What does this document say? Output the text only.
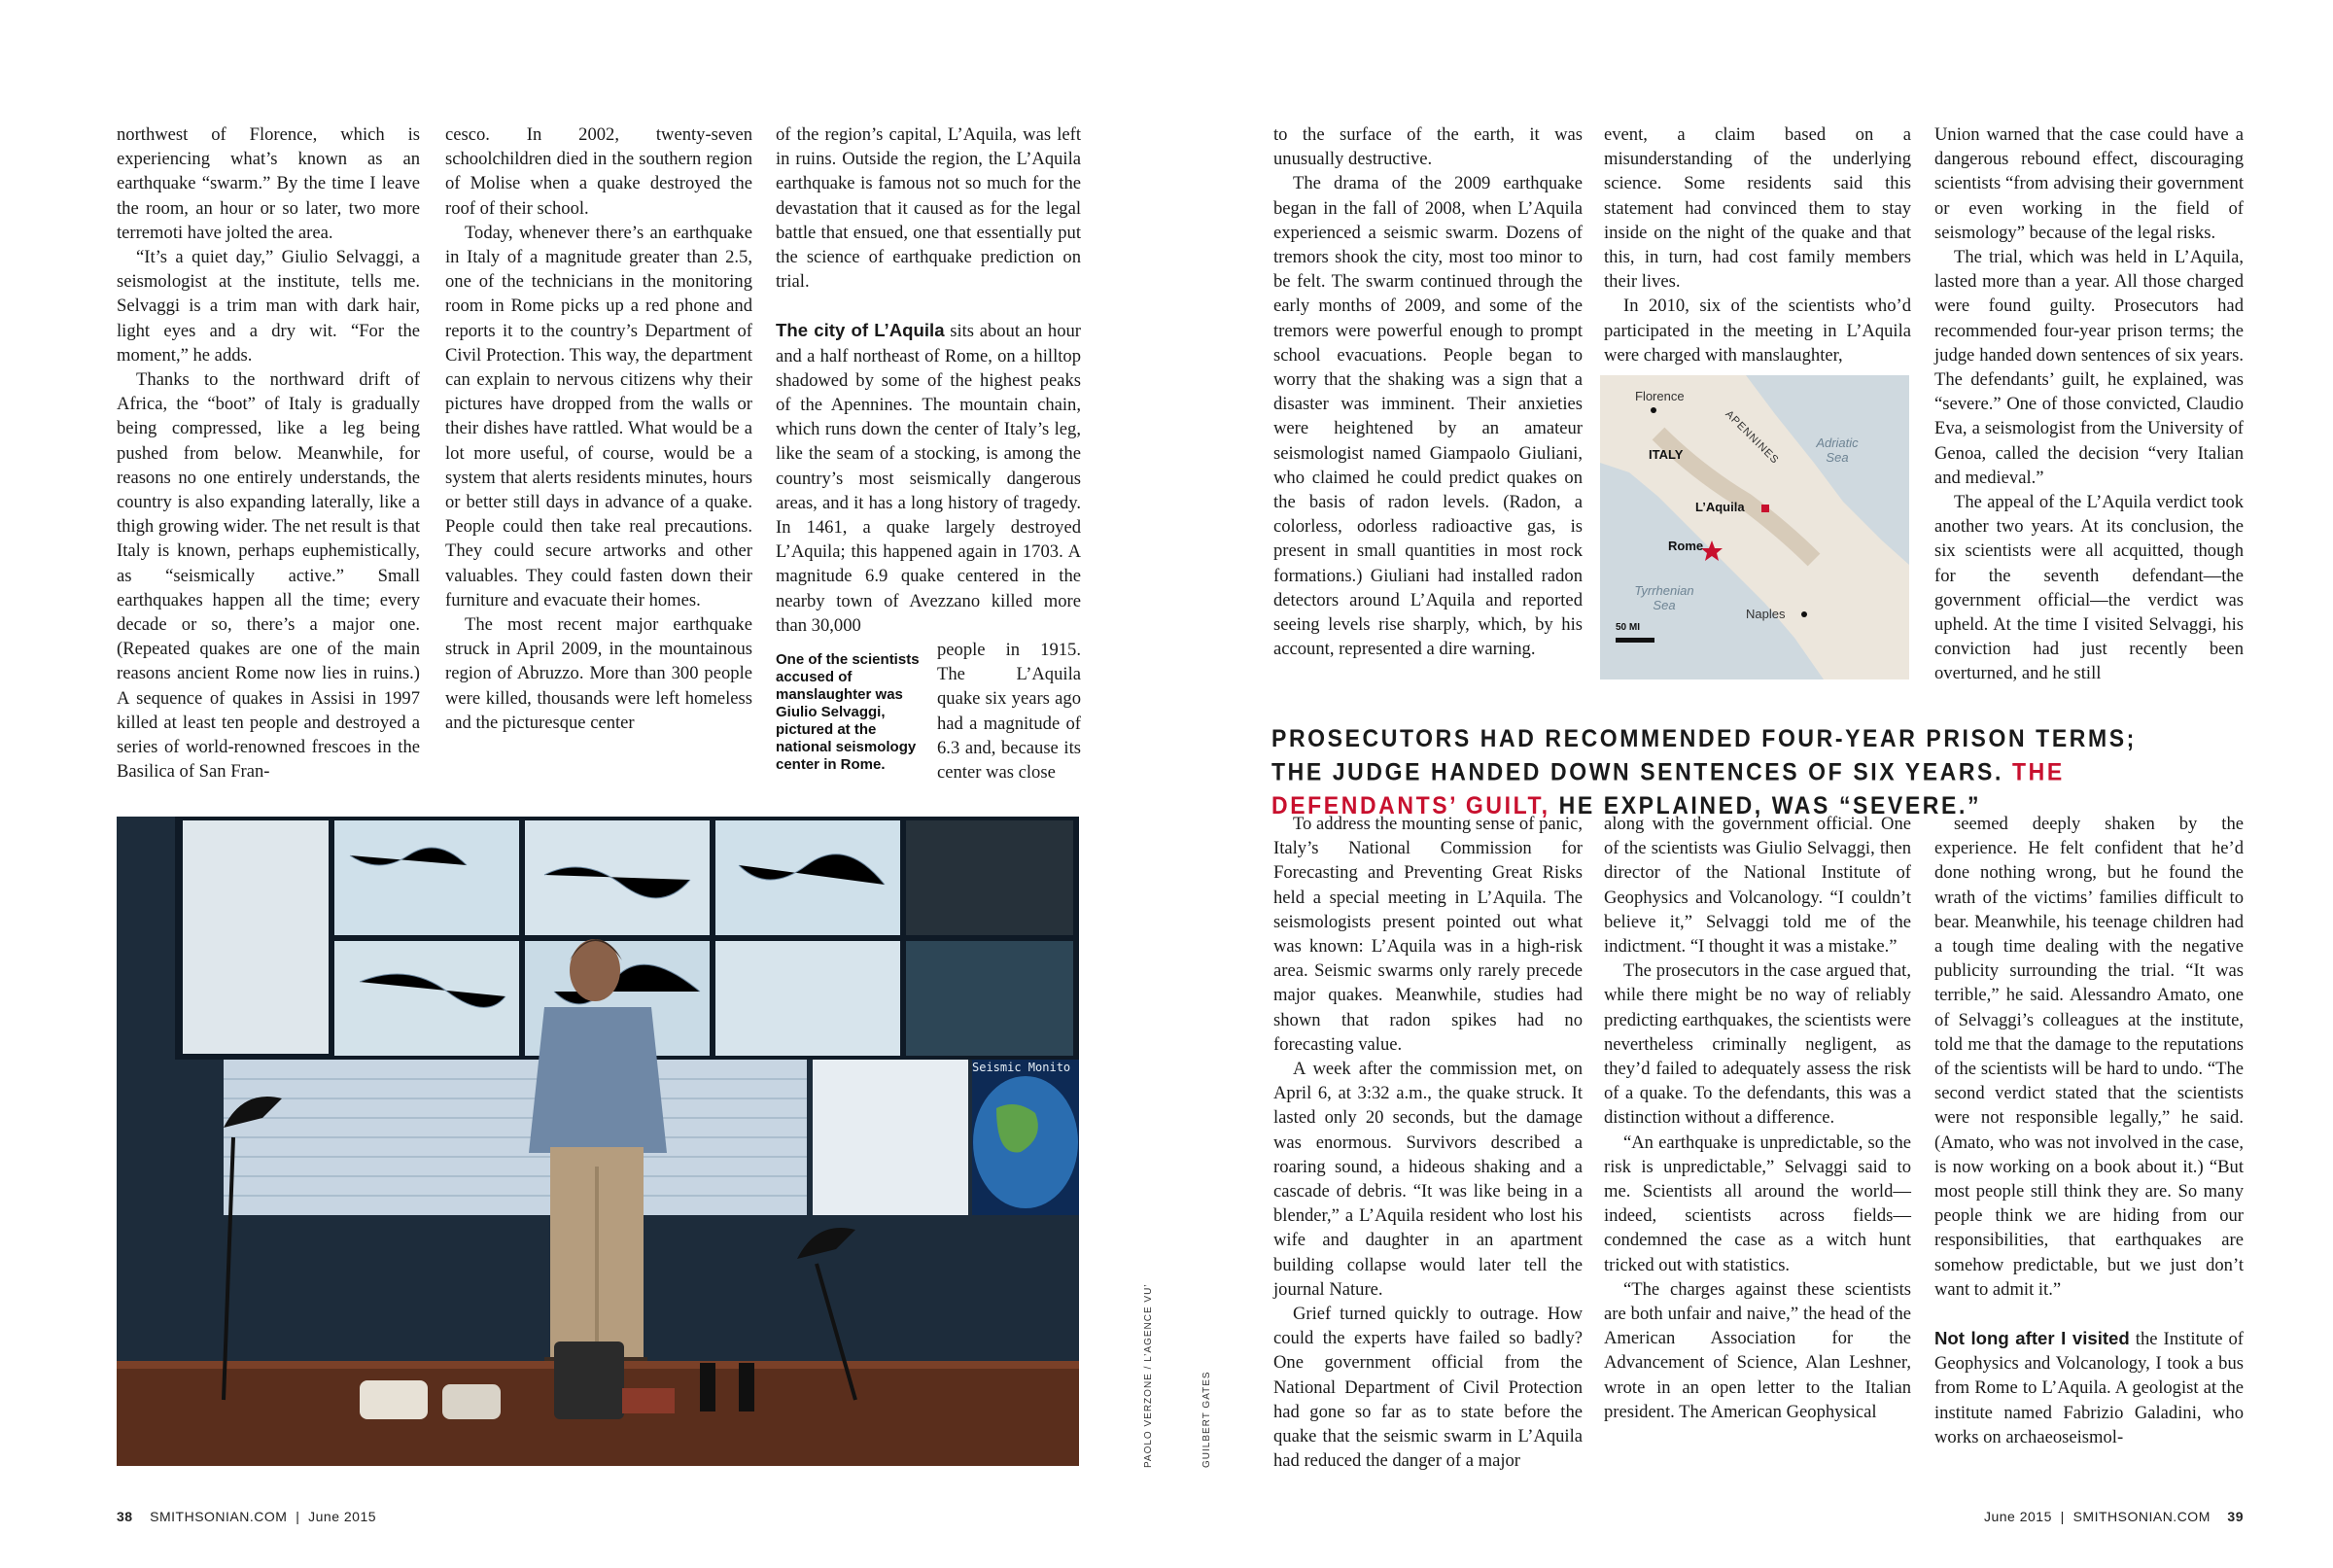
northwest of Florence, which is experiencing what’s known as an earthquake “swarm.” By the time I leave the room, an hour or so later, two more terremoti have jolted the area.

“It’s a quiet day,” Giulio Selvaggi, a seismologist at the institute, tells me. Selvaggi is a trim man with dark hair, light eyes and a dry wit. “For the moment,” he adds.

Thanks to the northward drift of Africa, the “boot” of Italy is gradually being compressed, like a leg being pushed from below. Meanwhile, for reasons no one entirely understands, the country is also expanding laterally, like a thigh growing wider. The net result is that Italy is known, perhaps euphemistically, as “seismically active.” Small earthquakes happen all the time; every decade or so, there’s a major one. (Repeated quakes are one of the main reasons ancient Rome now lies in ruins.) A sequence of quakes in Assisi in 1997 killed at least ten people and destroyed a series of world-renowned frescoes in the Basilica of San Fran-

cesco. In 2002, twenty-seven schoolchildren died in the southern region of Molise when a quake destroyed the roof of their school.

Today, whenever there’s an earthquake in Italy of a magnitude greater than 2.5, one of the technicians in the monitoring room in Rome picks up a red phone and reports it to the country’s Department of Civil Protection. This way, the department can explain to nervous citizens why their pictures have dropped from the walls or their dishes have rattled. What would be a lot more useful, of course, would be a system that alerts residents minutes, hours or better still days in advance of a quake. People could then take real precautions. They could secure artworks and other valuables. They could fasten down their furniture and evacuate their homes.

The most recent major earthquake struck in April 2009, in the mountainous region of Abruzzo. More than 300 people were killed, thousands were left homeless and the picturesque center

of the region’s capital, L’Aquila, was left in ruins. Outside the region, the L’Aquila earthquake is famous not so much for the devastation that it caused as for the legal battle that ensued, one that essentially put the science of earthquake prediction on trial.

The city of L’Aquila sits about an hour and a half northeast of Rome, on a hilltop shadowed by some of the highest peaks of the Apennines. The mountain chain, which runs down the center of Italy’s leg, like the seam of a stocking, is among the country’s most seismically dangerous areas, and it has a long history of tragedy. In 1461, a quake largely destroyed L’Aquila; this happened again in 1703. A magnitude 6.9 quake centered in the nearby town of Avezzano killed more than 30,000

people in 1915. The L’Aquila quake six years ago had a magnitude of 6.3 and, because its center was close

One of the scientists accused of manslaughter was Giulio Selvaggi, pictured at the national seismology center in Rome.
Seismic Monito
PAOLO VERZONE / L’AGENCE VU’	GUILBERT GATES
38 SMITHSONIAN.COM | June 2015

to the surface of the earth, it was unusually destructive.

The drama of the 2009 earthquake began in the fall of 2008, when L’Aquila experienced a seismic swarm. Dozens of tremors shook the city, most too minor to be felt. The swarm continued through the early months of 2009, and some of the tremors were powerful enough to prompt school evacuations. People began to worry that the shaking was a sign that a disaster was imminent. Their anxieties were heightened by an amateur seismologist named Giampaolo Giuliani, who claimed he could predict quakes on the basis of radon levels. (Radon, a colorless, odorless radioactive gas, is present in small quantities in most rock formations.) Giuliani had installed radon detectors around L’Aquila and reported seeing levels rise sharply, which, by his account, represented a dire warning.

event, a claim based on a misunderstanding of the underlying science. Some residents said this statement had convinced them to stay inside on the night of the quake and that this, in turn, had cost family members their lives.

In 2010, six of the scientists who’d participated in the meeting in L’Aquila were charged with manslaughter,

Union warned that the case could have a dangerous rebound effect, discouraging scientists “from advising their government or even working in the field of seismology” because of the legal risks.

The trial, which was held in L’Aquila, lasted more than a year. All those charged were found guilty. Prosecutors had recommended four-year prison terms; the judge handed down sentences of six years. The defendants’ guilt, he explained, was “severe.” One of those convicted, Claudio Eva, a seismologist from the University of Genoa, called the decision “very Italian and medieval.”

The appeal of the L’Aquila verdict took another two years. At its conclusion, the six scientists were all acquitted, though for the seventh defendant—the government official—the verdict was upheld. At the time I visited Selvaggi, his conviction had just recently been overturned, and he still

Florence
ITALY	APENNINES	Adriatic Sea
L’Aquila
Rome
Tyrrhenian Sea
Naples
50 MI
PROSECUTORS HAD RECOMMENDED FOUR-YEAR PRISON TERMS; THE JUDGE HANDED DOWN SENTENCES OF SIX YEARS. THE DEFENDANTS’ GUILT, HE EXPLAINED, WAS “SEVERE.”

To address the mounting sense of panic, Italy’s National Commission for Forecasting and Preventing Great Risks held a special meeting in L’Aquila. The seismologists present pointed out what was known: L’Aquila was in a high-risk area. Seismic swarms only rarely precede major quakes. Meanwhile, studies had shown that radon spikes had no forecasting value.

A week after the commission met, on April 6, at 3:32 a.m., the quake struck. It lasted only 20 seconds, but the damage was enormous. Survivors described a roaring sound, a hideous shaking and a cascade of debris. “It was like being in a blender,” a L’Aquila resident who lost his wife and daughter in an apartment building collapse would later tell the journal Nature.

Grief turned quickly to outrage. How could the experts have failed so badly? One government official from the National Department of Civil Protection had gone so far as to state before the quake that the seismic swarm in L’Aquila had reduced the danger of a major

along with the government official. One of the scientists was Giulio Selvaggi, then director of the National Institute of Geophysics and Volcanology. “I couldn’t believe it,” Selvaggi told me of the indictment. “I thought it was a mistake.”

The prosecutors in the case argued that, while there might be no way of reliably predicting earthquakes, the scientists were nevertheless criminally negligent, as they’d failed to adequately assess the risk of a quake. To the defendants, this was a distinction without a difference.

“An earthquake is unpredictable, so the risk is unpredictable,” Selvaggi said to me. Scientists all around the world—indeed, scientists across fields—condemned the case as a witch hunt tricked out with statistics.

“The charges against these scientists are both unfair and naive,” the head of the American Association for the Advancement of Science, Alan Leshner, wrote in an open letter to the Italian president. The American Geophysical

seemed deeply shaken by the experience. He felt confident that he’d done nothing wrong, but he found the wrath of the victims’ families difficult to bear. Meanwhile, his teenage children had a tough time dealing with the negative publicity surrounding the trial. “It was terrible,” he said. Alessandro Amato, one of Selvaggi’s colleagues at the institute, told me that the damage to the reputations of the scientists will be hard to undo. “The second verdict stated that the scientists were not responsible legally,” he said. (Amato, who was not involved in the case, is now working on a book about it.) “But most people still think they are. So many people think we are hiding from our responsibilities, that earthquakes are somehow predictable, but we just don’t want to admit it.”

Not long after I visited the Institute of Geophysics and Volcanology, I took a bus from Rome to L’Aquila. A geologist at the institute named Fabrizio Galadini, who works on archaeoseismol-

June 2015 | SMITHSONIAN.COM 39
